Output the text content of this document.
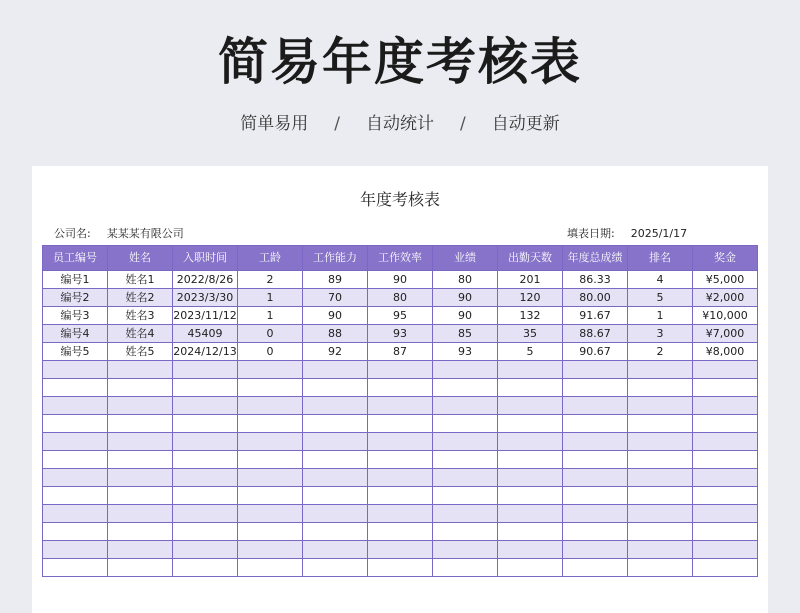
简易年度考核表
简单易用 / 自动统计 / 自动更新
年度考核表
公司名: 某某某有限公司	填表日期: 2025/1/17
员工编号	姓名	入职时间	工龄	工作能力	工作效率	业绩	出勤天数	年度总成绩	排名	奖金
编号1	姓名1	2022/8/26	2	89	90	80	201	86.33	4	¥5,000
编号2	姓名2	2023/3/30	1	70	80	90	120	80.00	5	¥2,000
编号3	姓名3	2023/11/12	1	90	95	90	132	91.67	1	¥10,000
编号4	姓名4	45409	0	88	93	85	35	88.67	3	¥7,000
编号5	姓名5	2024/12/13	0	92	87	93	5	90.67	2	¥8,000
